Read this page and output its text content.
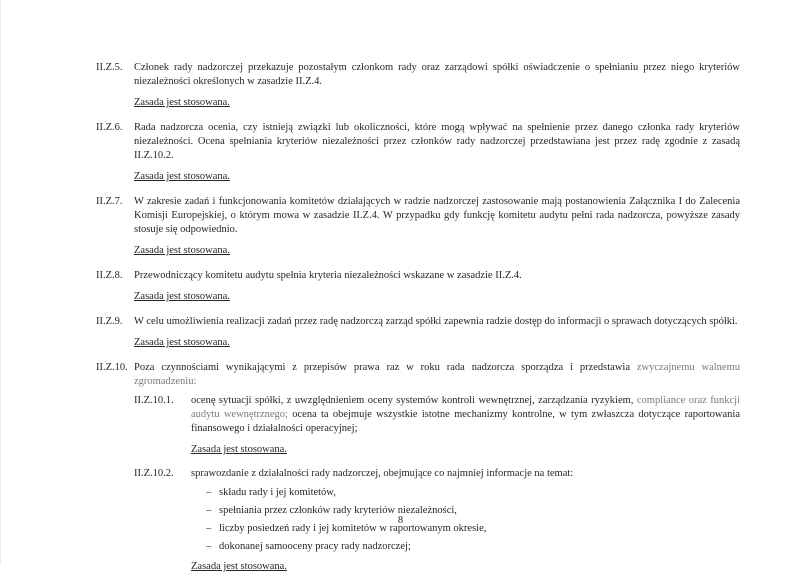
II.Z.5.	Członek rady nadzorczej przekazuje pozostałym członkom rady oraz zarządowi spółki oświadczenie o spełnianiu przez niego kryteriów niezależności określonych w zasadzie II.Z.4.

Zasada jest stosowana.

II.Z.6.	Rada nadzorcza ocenia, czy istnieją związki lub okoliczności, które mogą wpływać na spełnienie przez danego członka rady kryteriów niezależności. Ocena spełniania kryteriów niezależności przez członków rady nadzorczej przedstawiana jest przez radę zgodnie z zasadą II.Z.10.2.

Zasada jest stosowana.

II.Z.7.	W zakresie zadań i funkcjonowania komitetów działających w radzie nadzorczej zastosowanie mają postanowienia Załącznika I do Zalecenia Komisji Europejskiej, o którym mowa w zasadzie II.Z.4. W przypadku gdy funkcję komitetu audytu pełni rada nadzorcza, powyższe zasady stosuje się odpowiednio.

Zasada jest stosowana.

II.Z.8.	Przewodniczący komitetu audytu spełnia kryteria niezależności wskazane w zasadzie II.Z.4.

Zasada jest stosowana.

II.Z.9.	W celu umożliwienia realizacji zadań przez radę nadzorczą zarząd spółki zapewnia radzie dostęp do informacji o sprawach dotyczących spółki.

Zasada jest stosowana.

II.Z.10. Poza czynnościami wynikającymi z przepisów prawa raz w roku rada nadzorcza sporządza i przedstawia zwyczajnemu walnemu zgromadzeniu:

II.Z.10.1.	ocenę sytuacji spółki, z uwzględnieniem oceny systemów kontroli wewnętrznej, zarządzania ryzykiem, compliance oraz funkcji audytu wewnętrznego; ocena ta obejmuje wszystkie istotne mechanizmy kontrolne, w tym zwłaszcza dotyczące raportowania finansowego i działalności operacyjnej;

Zasada jest stosowana.

II.Z.10.2.	sprawozdanie z działalności rady nadzorczej, obejmujące co najmniej informacje na temat:

– składu rady i jej komitetów,
– spełniania przez członków rady kryteriów niezależności,
– liczby posiedzeń rady i jej komitetów w raportowanym okresie,
– dokonanej samooceny pracy rady nadzorczej;

Zasada jest stosowana.

8
